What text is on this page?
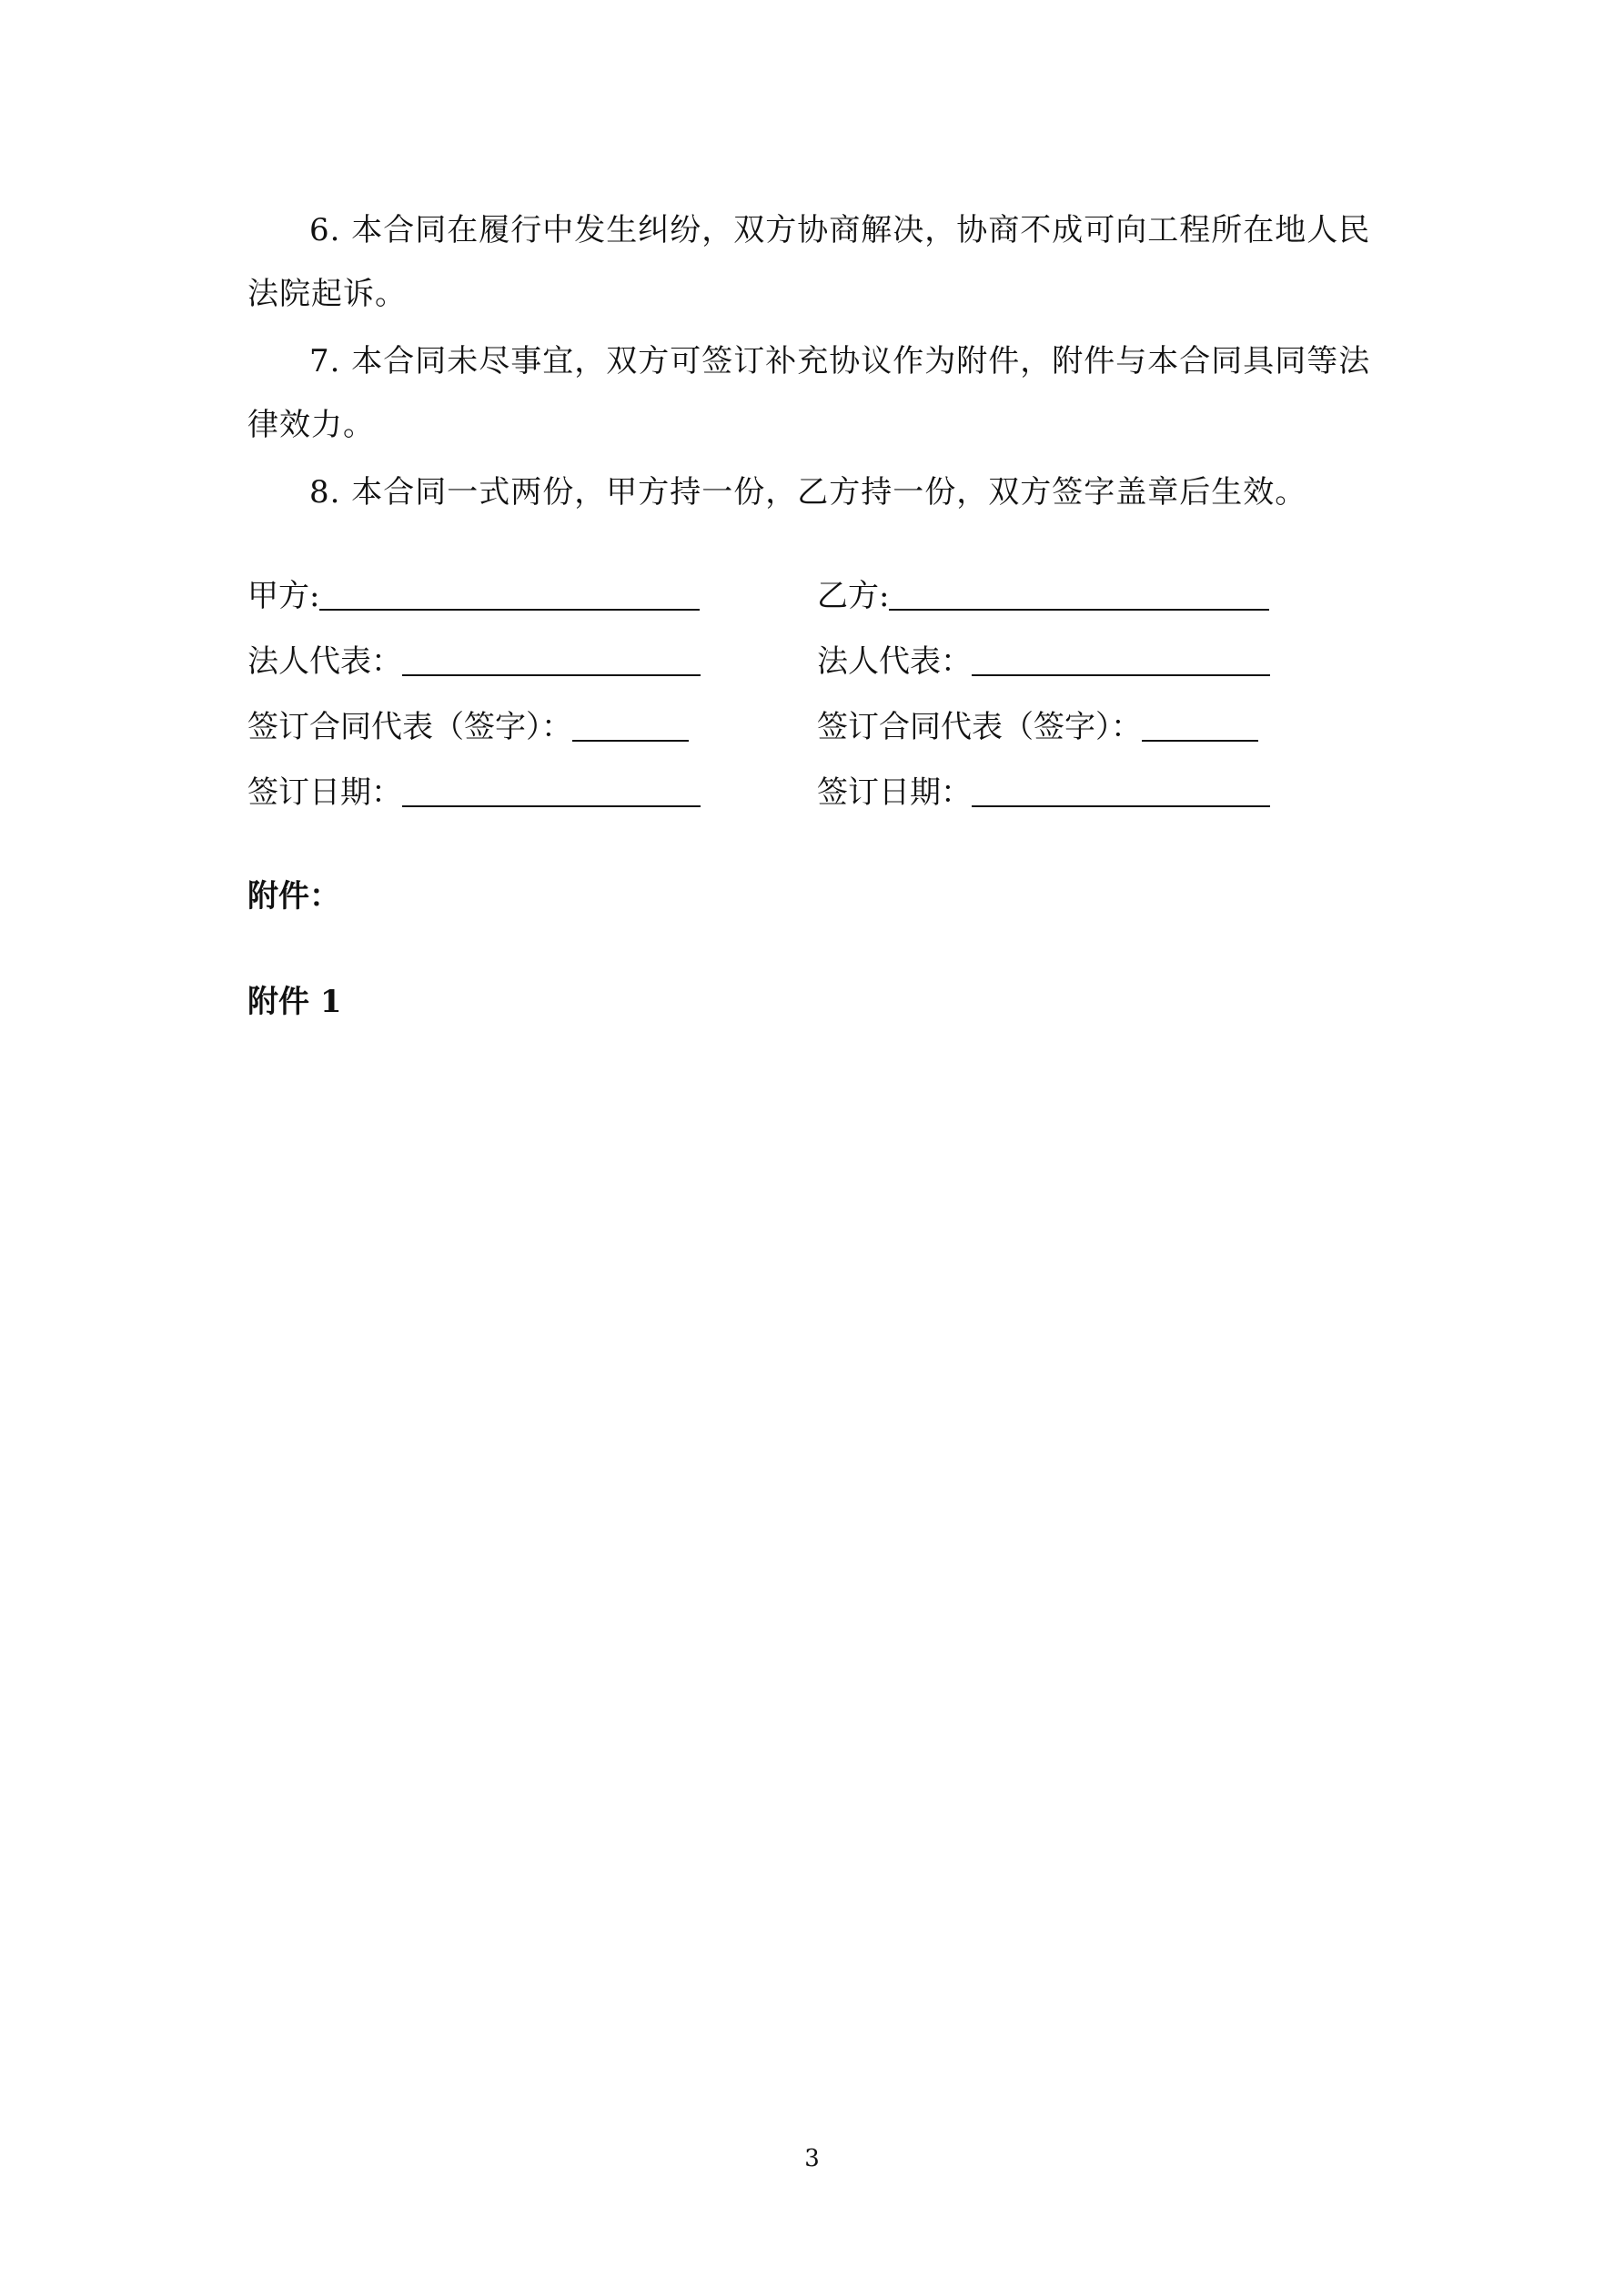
6. 本合同在履行中发生纠纷，双方协商解决，协商不成可向工程所在地人民法院起诉。

7. 本合同未尽事宜，双方可签订补充协议作为附件，附件与本合同具同等法律效力。

8. 本合同一式两份，甲方持一份，乙方持一份，双方签字盖章后生效。

甲方:
法人代表：
签订合同代表（签字）：
签订日期：
乙方:
法人代表：
签订合同代表（签字）：
签订日期：

附件：

附件 1

3
